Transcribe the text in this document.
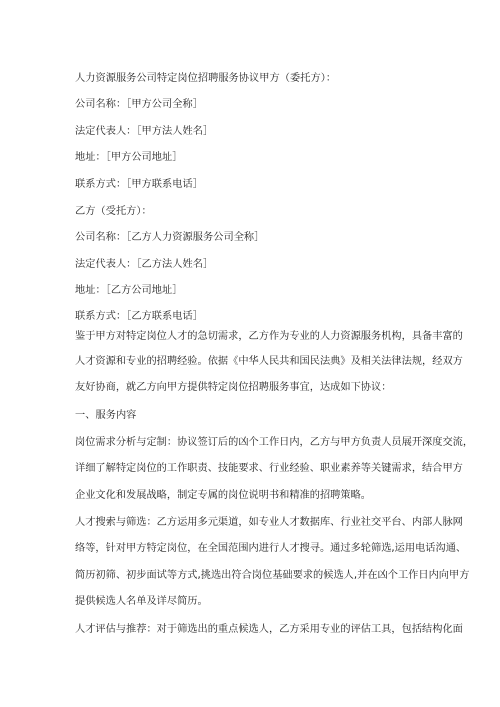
人力资源服务公司特定岗位招聘服务协议甲方（委托方）：
公司名称：［甲方公司全称］
法定代表人：［甲方法人姓名］
地址：［甲方公司地址］
联系方式：［甲方联系电话］
乙方（受托方）：
公司名称：［乙方人力资源服务公司全称］
法定代表人：［乙方法人姓名］
地址：［乙方公司地址］
联系方式：［乙方联系电话］
鉴于甲方对特定岗位人才的急切需求，乙方作为专业的人力资源服务机构，具备丰富的
人才资源和专业的招聘经验。依据《中华人民共和国民法典》及相关法律法规，经双方
友好协商，就乙方向甲方提供特定岗位招聘服务事宜，达成如下协议：
一、服务内容
岗位需求分析与定制：协议签订后的凶个工作日内，乙方与甲方负责人员展开深度交流，
详细了解特定岗位的工作职责、技能要求、行业经验、职业素养等关键需求，结合甲方
企业文化和发展战略，制定专属的岗位说明书和精准的招聘策略。
人才搜索与筛选：乙方运用多元渠道，如专业人才数据库、行业社交平台、内部人脉网
络等，针对甲方特定岗位，在全国范围内进行人才搜寻。通过多轮筛选,运用电话沟通、
简历初筛、初步面试等方式,挑选出符合岗位基础要求的候选人,并在凶个工作日内向甲方
提供候选人名单及详尽简历。
人才评估与推荐：对于筛选出的重点候选人，乙方采用专业的评估工具，包括结构化面
